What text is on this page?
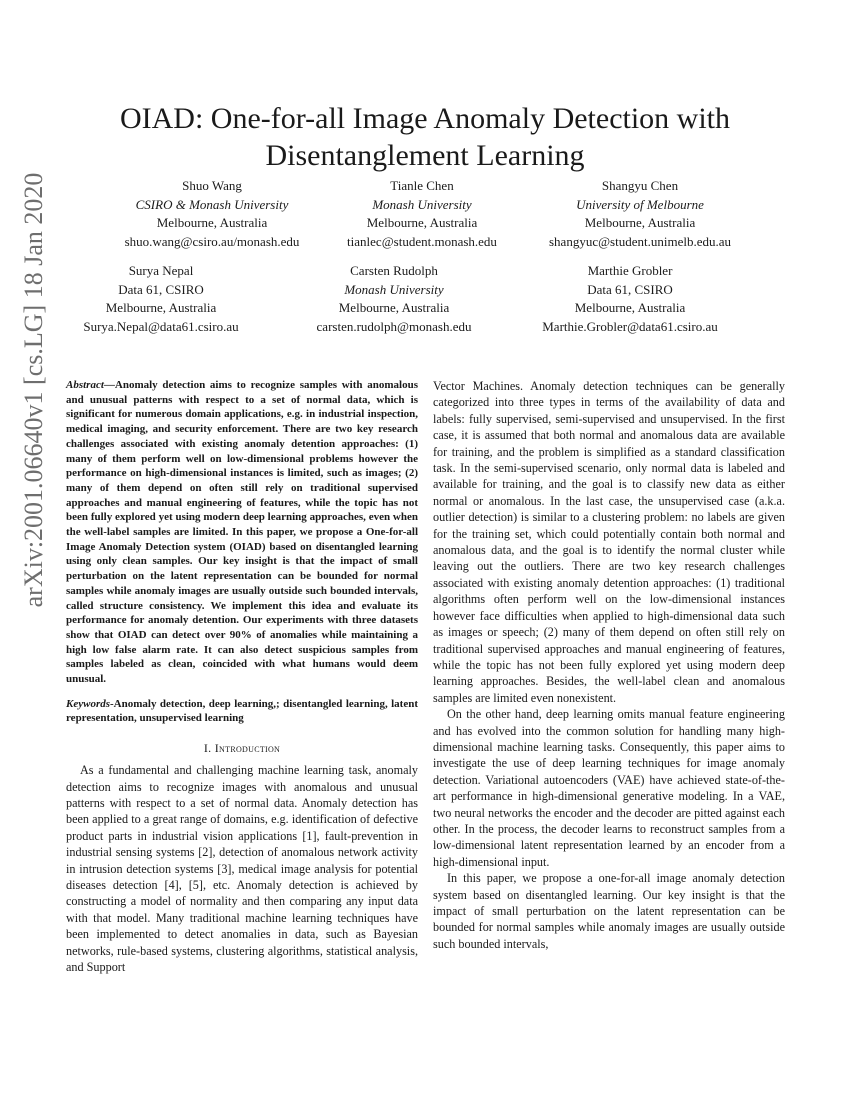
arXiv:2001.06640v1 [cs.LG] 18 Jan 2020
OIAD: One-for-all Image Anomaly Detection with Disentanglement Learning
Shuo Wang
CSIRO & Monash University
Melbourne, Australia
shuo.wang@csiro.au/monash.edu
Tianle Chen
Monash University
Melbourne, Australia
tianlec@student.monash.edu
Shangyu Chen
University of Melbourne
Melbourne, Australia
shangyuc@student.unimelb.edu.au
Surya Nepal
Data 61, CSIRO
Melbourne, Australia
Surya.Nepal@data61.csiro.au
Carsten Rudolph
Monash University
Melbourne, Australia
carsten.rudolph@monash.edu
Marthie Grobler
Data 61, CSIRO
Melbourne, Australia
Marthie.Grobler@data61.csiro.au

Abstract—Anomaly detection aims to recognize samples with anomalous and unusual patterns with respect to a set of normal data, which is significant for numerous domain applications, e.g. in industrial inspection, medical imaging, and security enforcement. There are two key research challenges associated with existing anomaly detention approaches: (1) many of them perform well on low-dimensional problems however the performance on high-dimensional instances is limited, such as images; (2) many of them depend on often still rely on traditional supervised approaches and manual engineering of features, while the topic has not been fully explored yet using modern deep learning approaches, even when the well-label samples are limited. In this paper, we propose a One-for-all Image Anomaly Detection system (OIAD) based on disentangled learning using only clean samples. Our key insight is that the impact of small perturbation on the latent representation can be bounded for normal samples while anomaly images are usually outside such bounded intervals, called structure consistency. We implement this idea and evaluate its performance for anomaly detention. Our experiments with three datasets show that OIAD can detect over 90% of anomalies while maintaining a high low false alarm rate. It can also detect suspicious samples from samples labeled as clean, coincided with what humans would deem unusual.

Keywords-Anomaly detection, deep learning,; disentangled learning, latent representation, unsupervised learning

I. Introduction

As a fundamental and challenging machine learning task, anomaly detection aims to recognize images with anomalous and unusual patterns with respect to a set of normal data. Anomaly detection has been applied to a great range of domains, e.g. identification of defective product parts in industrial vision applications [1], fault-prevention in industrial sensing systems [2], detection of anomalous network activity in intrusion detection systems [3], medical image analysis for potential diseases detection [4], [5], etc. Anomaly detection is achieved by constructing a model of normality and then comparing any input data with that model. Many traditional machine learning techniques have been implemented to detect anomalies in data, such as Bayesian networks, rule-based systems, clustering algorithms, statistical analysis, and Support

Vector Machines. Anomaly detection techniques can be generally categorized into three types in terms of the availability of data and labels: fully supervised, semi-supervised and unsupervised. In the first case, it is assumed that both normal and anomalous data are available for training, and the problem is simplified as a standard classification task. In the semi-supervised scenario, only normal data is labeled and available for training, and the goal is to classify new data as either normal or anomalous. In the last case, the unsupervised case (a.k.a. outlier detection) is similar to a clustering problem: no labels are given for the training set, which could potentially contain both normal and anomalous data, and the goal is to identify the normal cluster while leaving out the outliers. There are two key research challenges associated with existing anomaly detention approaches: (1) traditional algorithms often perform well on the low-dimensional instances however face difficulties when applied to high-dimensional data such as images or speech; (2) many of them depend on often still rely on traditional supervised approaches and manual engineering of features, while the topic has not been fully explored yet using modern deep learning approaches. Besides, the well-label clean and anomalous samples are limited even nonexistent.

On the other hand, deep learning omits manual feature engineering and has evolved into the common solution for handling many high-dimensional machine learning tasks. Consequently, this paper aims to investigate the use of deep learning techniques for image anomaly detection. Variational autoencoders (VAE) have achieved state-of-the-art performance in high-dimensional generative modeling. In a VAE, two neural networks the encoder and the decoder are pitted against each other. In the process, the decoder learns to reconstruct samples from a low-dimensional latent representation learned by an encoder from a high-dimensional input.

In this paper, we propose a one-for-all image anomaly detection system based on disentangled learning. Our key insight is that the impact of small perturbation on the latent representation can be bounded for normal samples while anomaly images are usually outside such bounded intervals,
